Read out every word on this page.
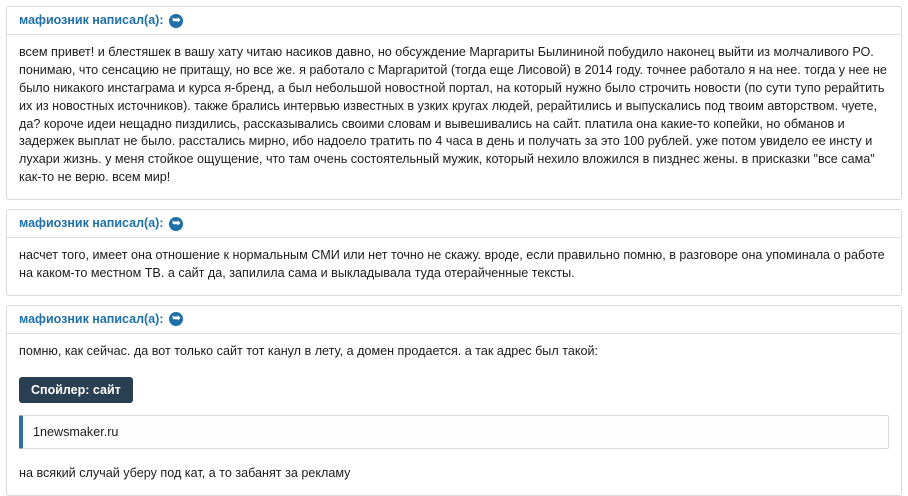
мафиозник написал(а): ➥

всем привет! и блестяшек в вашу хату читаю насиков давно, но обсуждение Маргариты Былининой побудило наконец выйти из молчаливого РО. понимаю, что сенсацию не притащу, но все же. я работало с Маргаритой (тогда еще Лисовой) в 2014 году. точнее работало я на нее. тогда у нее не было никакого инстаграма и курса я-бренд, а был небольшой новостной портал, на который нужно было строчить новости (по сути тупо рерайтить их из новостных источников). также брались интервью известных в узких кругах людей, рерайтились и выпускались под твоим авторством. чуете, да? короче идеи нещадно пиздились, рассказывались своими словам и вывешивались на сайт. платила она какие-то копейки, но обманов и задержек выплат не было. расстались мирно, ибо надоело тратить по 4 часа в день и получать за это 100 рублей. уже потом увидело ее инсту и лухари жизнь. у меня стойкое ощущение, что там очень состоятельный мужик, который нехило вложился в пизднес жены. в присказки "все сама" как-то не верю. всем мир!

мафиозник написал(а): ➥

насчет того, имеет она отношение к нормальным СМИ или нет точно не скажу. вроде, если правильно помню, в разговоре она упоминала о работе на каком-то местном ТВ. а сайт да, запилила сама и выкладывала туда отерайченные тексты.

мафиозник написал(а): ➥

помню, как сейчас. да вот только сайт тот канул в лету, а домен продается. а так адрес был такой:

Спойлер: сайт
1newsmaker.ru
на всякий случай уберу под кат, а то забанят за рекламу
